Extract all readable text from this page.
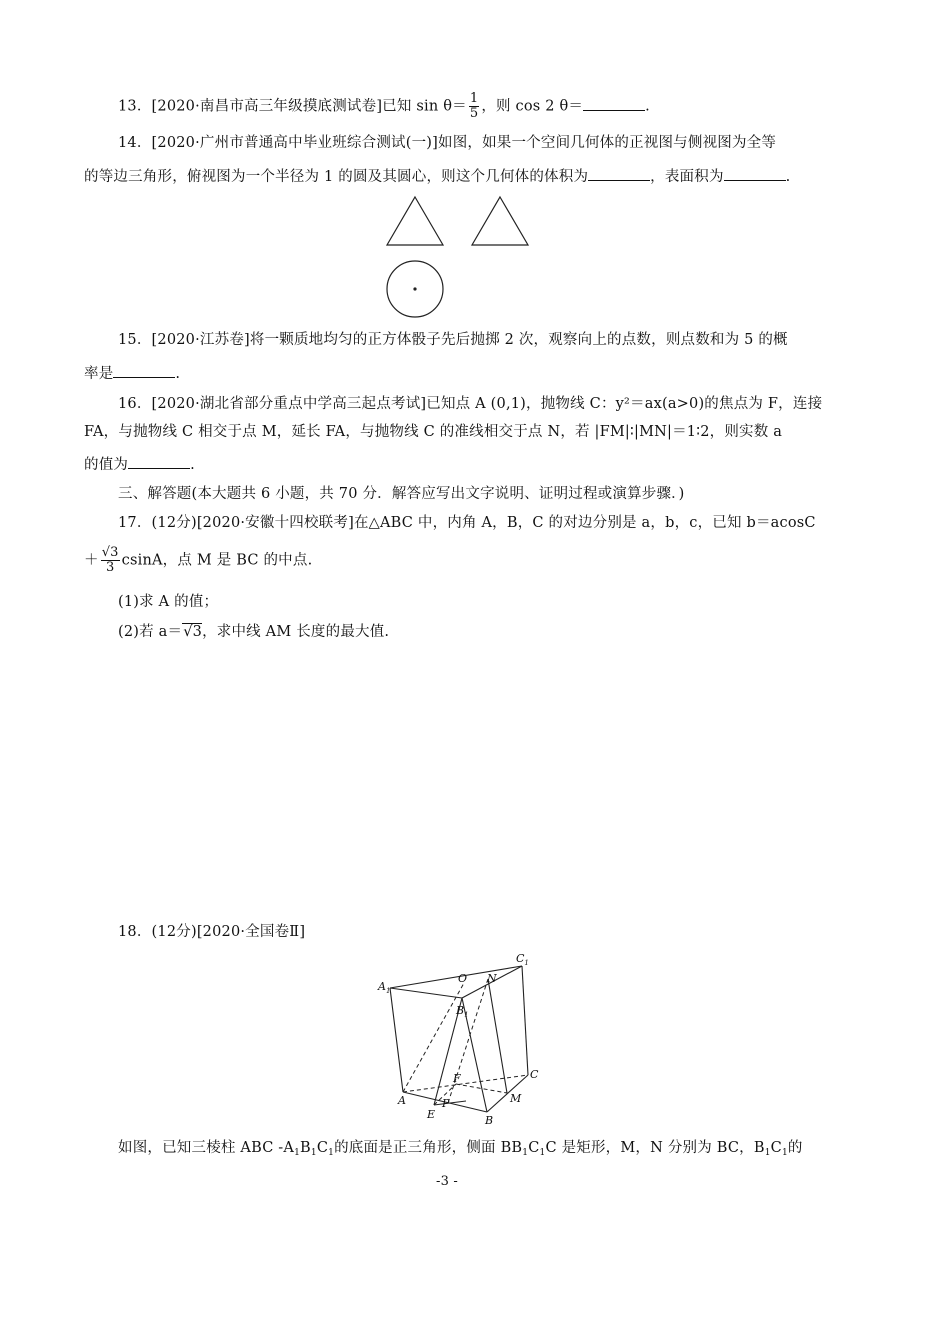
13．[2020·南昌市高三年级摸底测试卷]已知 $\sin \theta= \frac{1}{5}$ ，则 cos 2 θ＝	.
14．[2020·广州市普通高中毕业班综合测试(一)]如图，如果一个空间几何体的正视图与侧视图为全等
的等边三角形，俯视图为一个半径为 1 的圆及其圆心，则这个几何体的体积为	，表面积为	.
15．[2020·江苏卷]将一颗质地均匀的正方体骰子先后抛掷 2 次，观察向上的点数，则点数和为 5 的概
率是	.
16．[2020·湖北省部分重点中学高三起点考试]已知点 A (0,1)，抛物线 C：y²＝ax(a>0)的焦点为 F，连接
FA，与抛物线 C 相交于点 M，延长 FA，与抛物线 C 的准线相交于点 N，若 |FM|∶|MN|＝1∶2，则实数 a
的值为	.
三、解答题(本大题共 6 小题，共 70 分．解答应写出文字说明、证明过程或演算步骤．)
17．(12分)[2020·安徽十四校联考]在△ABC 中，内角 A，B，C 的对边分别是 a，b，c，已知 b＝acosC
＋ $\frac{√3}{3}$ csinA，点 M 是 BC 的中点.
(1)求 A 的值；
(2)若 a＝√3，求中线 AM 长度的最大值.
18．(12分)[2020·全国卷Ⅱ]
$A_1$
$C_1$
$B_1$
O N
A
E
P
F
B
M
C
如图，已知三棱柱 ABC $-A_1B_1C_1$的底面是正三角形，侧面 $BB_1C_1C$ 是矩形，M，N 分别为 BC，$B_1C_1$的
-3 -
